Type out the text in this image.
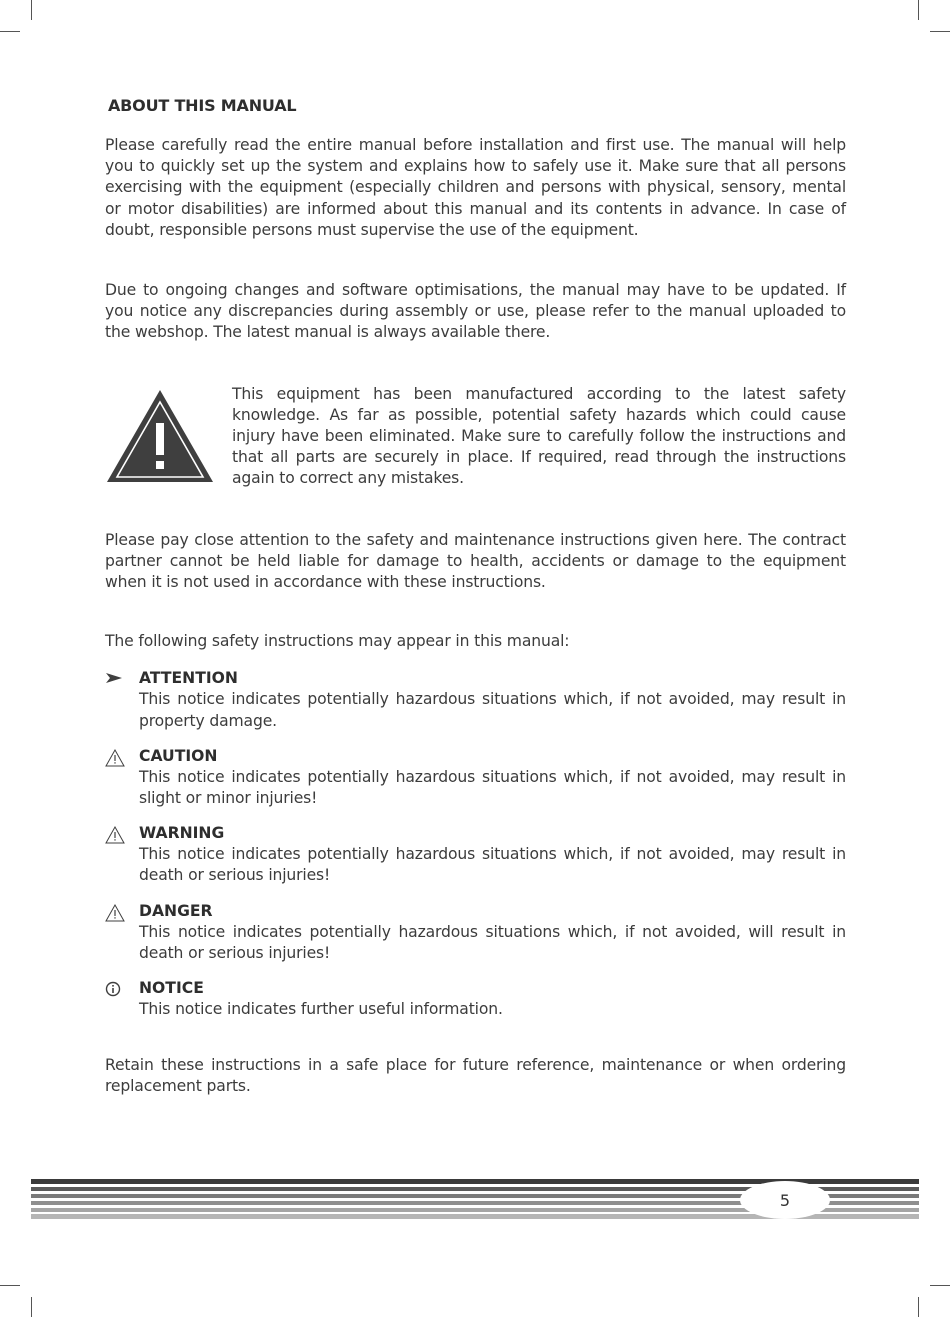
ABOUT THIS MANUAL

Please carefully read the entire manual before installation and first use. The manual will help you to quickly set up the system and explains how to safely use it. Make sure that all persons exercising with the equipment (especially children and persons with physical, sensory, mental or motor disabilities) are informed about this manual and its contents in advance. In case of doubt, responsible persons must supervise the use of the equipment.

Due to ongoing changes and software optimisations, the manual may have to be updated. If you notice any discrepancies during assembly or use, please refer to the manual uploaded to the webshop. The latest manual is always available there.

This equipment has been manufactured according to the latest safety knowledge. As far as possible, potential safety hazards which could cause injury have been eliminated. Make sure to carefully follow the instructions and that all parts are securely in place. If required, read through the instructions again to correct any mistakes.

Please pay close attention to the safety and maintenance instructions given here. The contract partner cannot be held liable for damage to health, accidents or damage to the equipment when it is not used in accordance with these instructions.

The following safety instructions may appear in this manual:

ATTENTION

This notice indicates potentially hazardous situations which, if not avoided, may result in property damage.

CAUTION

This notice indicates potentially hazardous situations which, if not avoided, may result in slight or minor injuries!

WARNING

This notice indicates potentially hazardous situations which, if not avoided, may result in death or serious injuries!

DANGER

This notice indicates potentially hazardous situations which, if not avoided, will result in death or serious injuries!

NOTICE

This notice indicates further useful information.

Retain these instructions in a safe place for future reference, maintenance or when ordering replacement parts.

5
